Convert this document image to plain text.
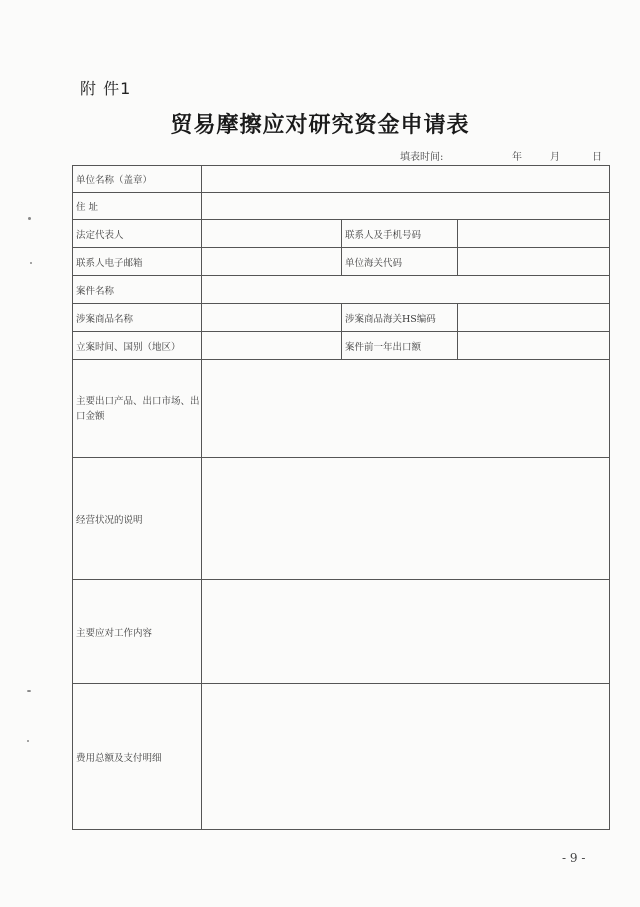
附 件1
贸易摩擦应对研究资金申请表
填表时间:	年	月	日
单位名称（盖章）			
住 址			
法定代表人		联系人及手机号码	
联系人电子邮箱		单位海关代码	
案件名称			
涉案商品名称		涉案商品海关HS编码	
立案时间、国别（地区）		案件前一年出口额	
主要出口产品、出口市场、出口金额			
经营状况的说明			
主要应对工作内容			
费用总额及支付明细			
- 9 -
